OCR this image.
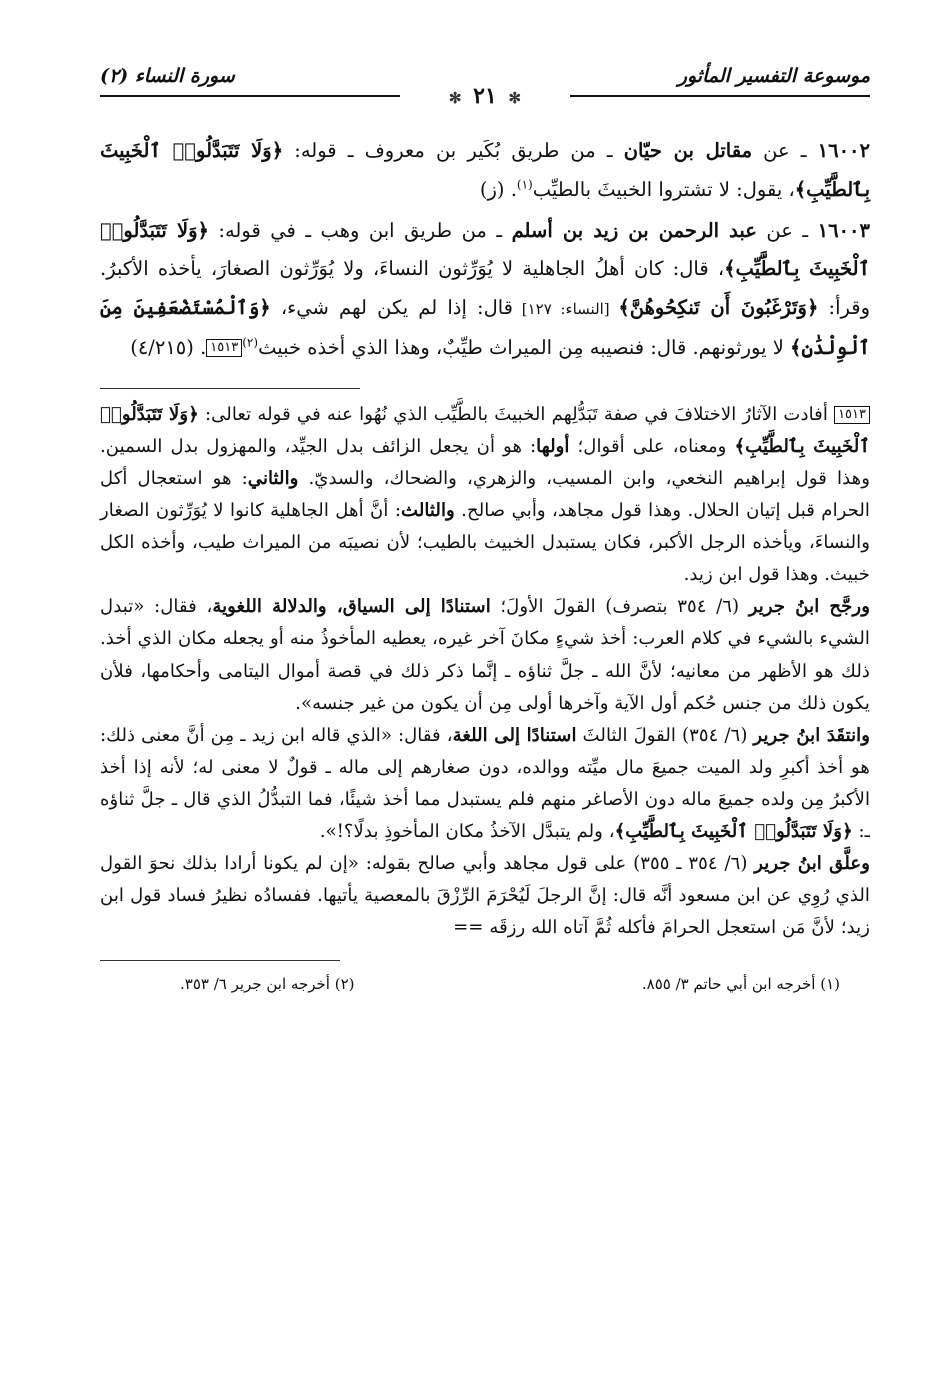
موسوعة التفسير المأثور
سورة النساء (٢)
✻ ٢١ ✻

١٦٠٠٢ ـ عن مقاتل بن حيّان ـ من طريق بُكَير بن معروف ـ قوله: ﴿وَلَا تَتَبَدَّلُوا۟ ٱلْخَبِيثَ بِٱلطَّيِّبِ﴾، يقول: لا تشتروا الخبيثَ بالطيِّب$^{(١)}$. (ز)

١٦٠٠٣ ـ عن عبد الرحمن بن زيد بن أسلم ـ من طريق ابن وهب ـ في قوله: ﴿وَلَا تَتَبَدَّلُوا۟ ٱلْخَبِيثَ بِٱلطَّيِّبِ﴾، قال: كان أهلُ الجاهلية لا يُوَرِّثون النساءَ، ولا يُوَرِّثون الصغارَ، يأخذه الأكبرُ. وقرأ: ﴿وَتَرْغَبُونَ أَن تَنكِحُوهُنَّ﴾ [النساء: ١٢٧] قال: إذا لم يكن لهم شيء، ﴿وَٱلْمُسْتَضْعَفِينَ مِنَ ٱلْوِلْدَٰنِ﴾ لا يورثونهم. قال: فنصيبه مِن الميراث طيِّبٌ، وهذا الذي أخذه خبيث$^{(٢)}$١٥١٣. (٤/٢١٥)

١٥١٣ أفادت الآثارُ الاختلافَ في صفة تَبَدُّلِهم الخبيثَ بالطَّيِّب الذي نُهُوا عنه في قوله تعالى: ﴿وَلَا تَتَبَدَّلُوا۟ ٱلْخَبِيثَ بِٱلطَّيِّبِ﴾ ومعناه، على أقوال؛ أولها: هو أن يجعل الزائف بدل الجيِّد، والمهزول بدل السمين. وهذا قول إبراهيم النخعي، وابن المسيب، والزهري، والضحاك، والسديّ. والثاني: هو استعجال أكل الحرام قبل إتيان الحلال. وهذا قول مجاهد، وأبي صالح. والثالث: أنَّ أهل الجاهلية كانوا لا يُوَرِّثون الصغار والنساءَ، ويأخذه الرجل الأكبر، فكان يستبدل الخبيث بالطيب؛ لأن نصيبَه من الميراث طيب، وأخذه الكل خبيث. وهذا قول ابن زيد.

ورجَّح ابنُ جرير (٦/ ٣٥٤ بتصرف) القولَ الأولَ؛ استنادًا إلى السياق، والدلالة اللغوية، فقال: «تبدل الشيء بالشيء في كلام العرب: أخذ شيءٍ مكانَ آخر غيره، يعطيه المأخوذُ منه أو يجعله مكان الذي أخذ. ذلك هو الأظهر من معانيه؛ لأنَّ الله ـ جلَّ ثناؤه ـ إنَّما ذكر ذلك في قصة أموال اليتامى وأحكامها، فلأن يكون ذلك من جنس حُكم أول الآية وآخرها أولى مِن أن يكون من غير جنسه».

وانتقَدَ ابنُ جرير (٦/ ٣٥٤) القولَ الثالثَ استنادًا إلى اللغة، فقال: «الذي قاله ابن زيد ـ مِن أنَّ معنى ذلك: هو أخذ أكبرِ ولد الميت جميعَ مال ميِّته ووالده، دون صغارهم إلى ماله ـ قولٌ لا معنى له؛ لأنه إذا أخذ الأكبرُ مِن ولده جميعَ ماله دون الأصاغر منهم فلم يستبدل مما أخذ شيئًا، فما التبدُّلُ الذي قال ـ جلَّ ثناؤه ـ: ﴿وَلَا تَتَبَدَّلُوا۟ ٱلْخَبِيثَ بِٱلطَّيِّبِ﴾، ولم يتبدَّل الآخذُ مكان المأخوذِ بدلًا؟!».

وعلَّق ابنُ جرير (٦/ ٣٥٤ ـ ٣٥٥) على قول مجاهد وأبي صالح بقوله: «إن لم يكونا أرادا بذلك نحوَ القول الذي رُوِي عن ابن مسعود أنَّه قال: إنَّ الرجلَ لَيُحْرَمَ الرِّزْقَ بالمعصية يأتيها. ففسادُه نظيرُ فساد قول ابن زيد؛ لأنَّ مَن استعجل الحرامَ فأكله ثُمَّ آتاه الله رزقَه ==

(١) أخرجه ابن أبي حاتم ٣/ ٨٥٥.
(٢) أخرجه ابن جرير ٦/ ٣٥٣.
